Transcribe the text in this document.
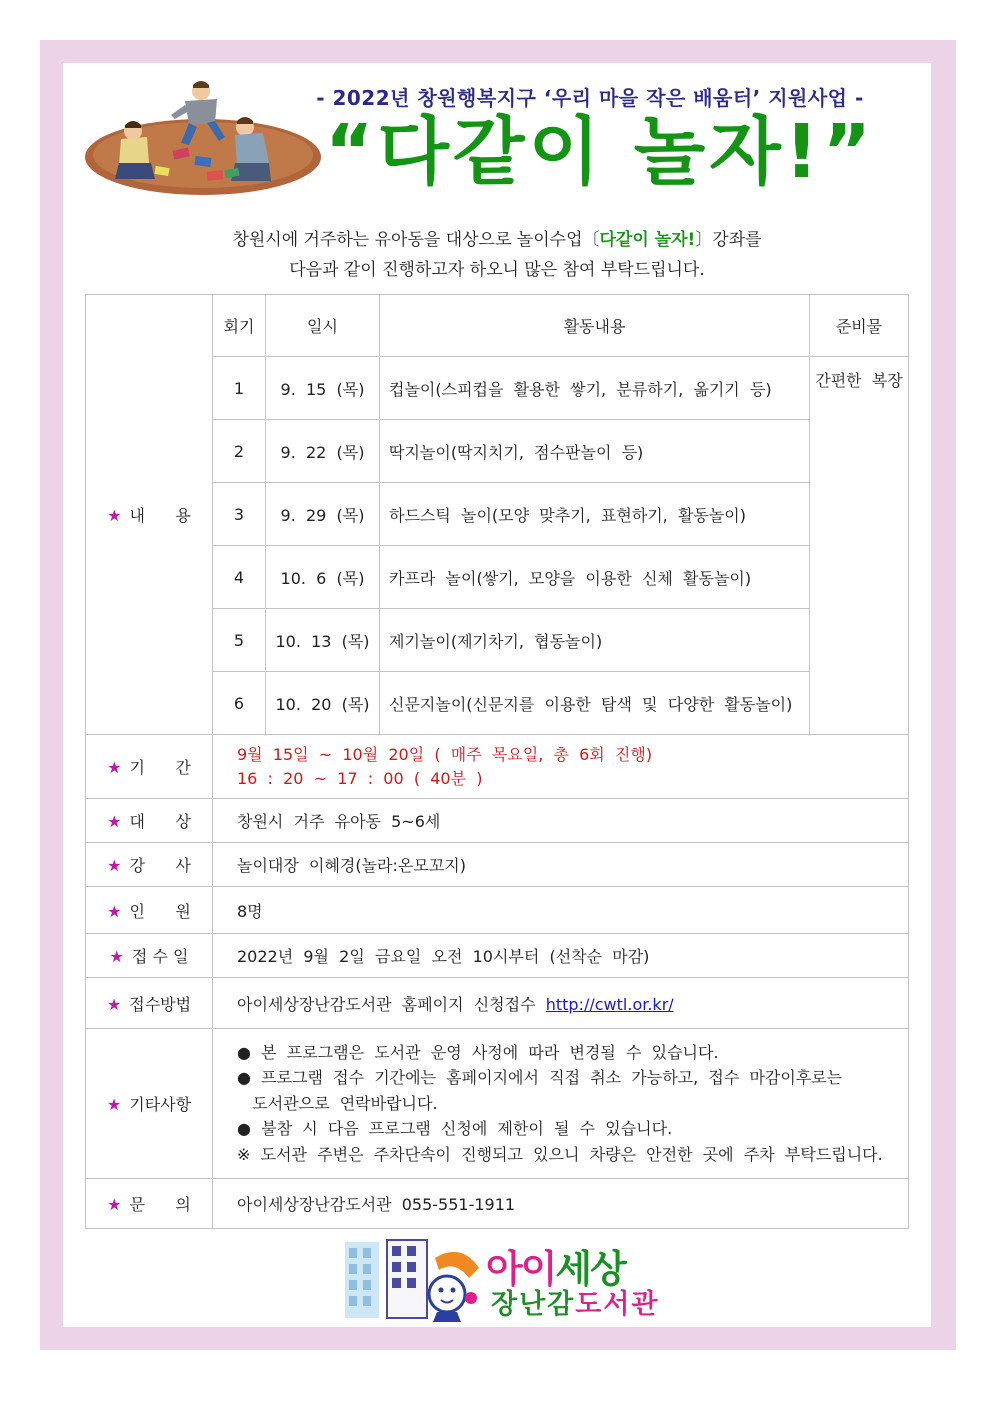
- 2022년 창원행복지구 ‘우리 마을 작은 배움터’ 지원사업 -
“다같이 놀자!”
창원시에 거주하는 유아동을 대상으로 놀이수업〔다같이 놀자!〕강좌를
다음과 같이 진행하고자 하오니 많은 참여 부탁드립니다.
★ 내      용	회기	일시	활동내용	준비물
	1	9.  15  (목)	컵놀이(스피컵을  활용한  쌓기,  분류하기,  옮기기  등)	간편한  복장
	2	9.  22  (목)	딱지놀이(딱지치기,  점수판놀이  등)	
	3	9.  29  (목)	하드스틱  놀이(모양  맞추기,  표현하기,  활동놀이)	
	4	10.  6  (목)	카프라  놀이(쌓기,  모양을  이용한  신체  활동놀이)	
	5	10.  13  (목)	제기놀이(제기차기,  협동놀이)	
	6	10.  20  (목)	신문지놀이(신문지를  이용한  탐색  및  다양한  활동놀이)	
★ 기      간	9월  15일  ~  10월  20일  (  매주  목요일,  총  6회  진행)
16  :  20  ~  17  :  00  (  40분  )			

★ 대      상	창원시  거주  유아동  5~6세			
★ 강      사	놀이대장  이혜경(놀라:온모꼬지)			
★ 인      원	8명			
★ 접 수 일	2022년  9월  2일  금요일  오전  10시부터  (선착순  마감)			
★ 접수방법	아이세상장난감도서관  홈페이지  신청접수  http://cwtl.or.kr/			
★ 기타사항	●  본  프로그램은  도서관  운영  사정에  따라  변경될  수  있습니다.
●  프로그램  접수  기간에는  홈페이지에서  직접  취소  가능하고,  접수  마감이후로는
도서관으로  연락바랍니다.
●  불참  시  다음  프로그램  신청에  제한이  될  수  있습니다.
※  도서관  주변은  주차단속이  진행되고  있으니  차량은  안전한  곳에  주차  부탁드립니다.			

★ 문      의	아이세상장난감도서관  055-551-1911			
아이세상
장난감도서관
